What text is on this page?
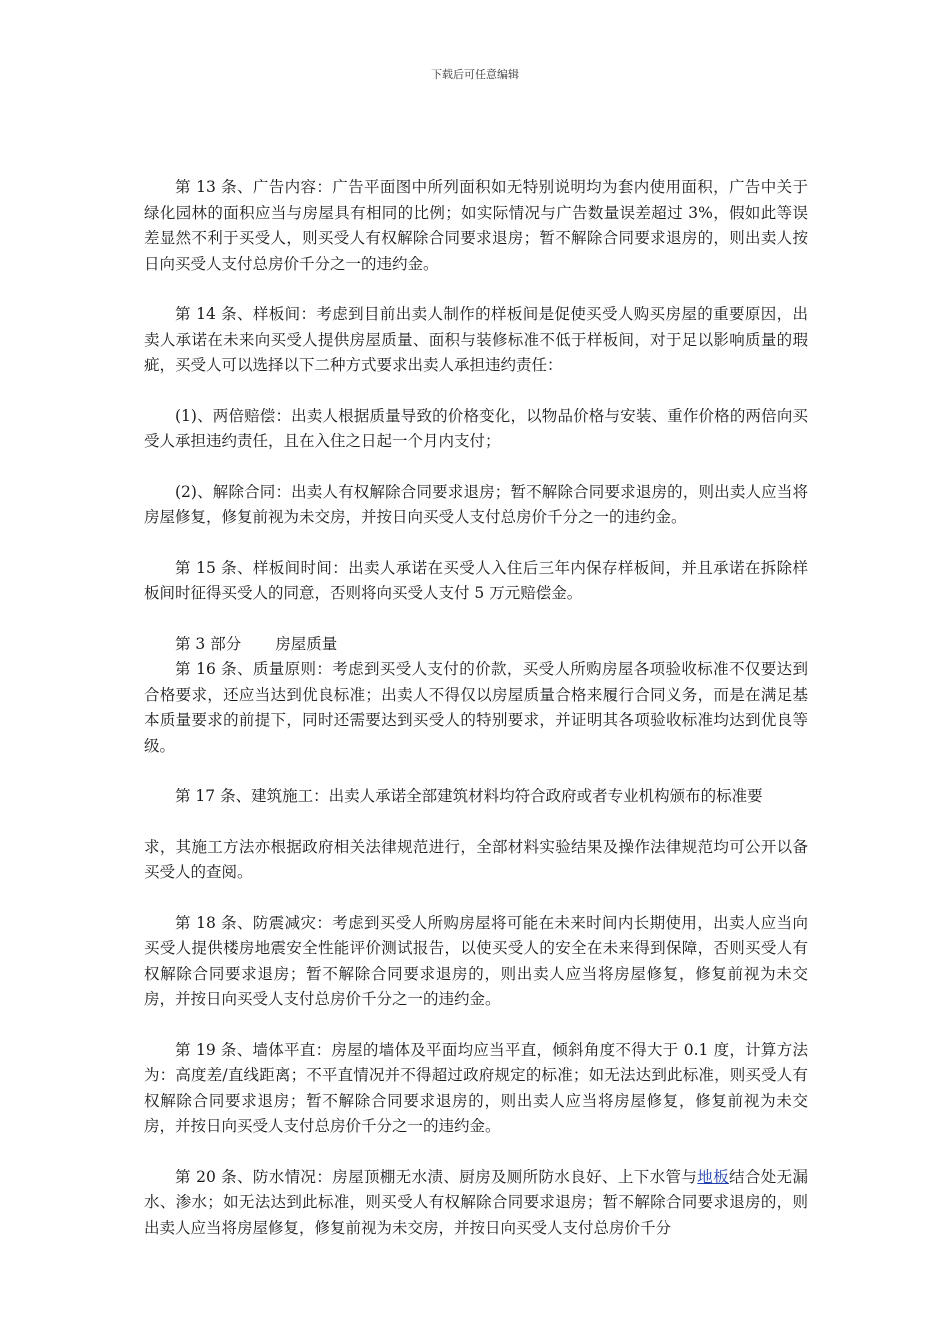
下载后可任意编辑

第 13 条、广告内容：广告平面图中所列面积如无特别说明均为套内使用面积，广告中关于绿化园林的面积应当与房屋具有相同的比例；如实际情况与广告数量误差超过 3%，假如此等误差显然不利于买受人，则买受人有权解除合同要求退房；暂不解除合同要求退房的，则出卖人按日向买受人支付总房价千分之一的违约金。

第 14 条、样板间：考虑到目前出卖人制作的样板间是促使买受人购买房屋的重要原因，出卖人承诺在未来向买受人提供房屋质量、面积与装修标准不低于样板间，对于足以影响质量的瑕疵，买受人可以选择以下二种方式要求出卖人承担违约责任：

(1)、两倍赔偿：出卖人根据质量导致的价格变化，以物品价格与安装、重作价格的两倍向买受人承担违约责任，且在入住之日起一个月内支付；

(2)、解除合同：出卖人有权解除合同要求退房；暂不解除合同要求退房的，则出卖人应当将房屋修复，修复前视为未交房，并按日向买受人支付总房价千分之一的违约金。

第 15 条、样板间时间：出卖人承诺在买受人入住后三年内保存样板间，并且承诺在拆除样板间时征得买受人的同意，否则将向买受人支付 5 万元赔偿金。

第 3 部分 房屋质量

第 16 条、质量原则：考虑到买受人支付的价款，买受人所购房屋各项验收标准不仅要达到合格要求，还应当达到优良标准；出卖人不得仅以房屋质量合格来履行合同义务，而是在满足基本质量要求的前提下，同时还需要达到买受人的特别要求，并证明其各项验收标准均达到优良等级。

第 17 条、建筑施工：出卖人承诺全部建筑材料均符合政府或者专业机构颁布的标准要

求，其施工方法亦根据政府相关法律规范进行，全部材料实验结果及操作法律规范均可公开以备买受人的查阅。

第 18 条、防震减灾：考虑到买受人所购房屋将可能在未来时间内长期使用，出卖人应当向买受人提供楼房地震安全性能评价测试报告，以使买受人的安全在未来得到保障，否则买受人有权解除合同要求退房；暂不解除合同要求退房的，则出卖人应当将房屋修复，修复前视为未交房，并按日向买受人支付总房价千分之一的违约金。

第 19 条、墙体平直：房屋的墙体及平面均应当平直，倾斜角度不得大于 0.1 度，计算方法为：高度差/直线距离；不平直情况并不得超过政府规定的标准；如无法达到此标准，则买受人有权解除合同要求退房；暂不解除合同要求退房的，则出卖人应当将房屋修复，修复前视为未交房，并按日向买受人支付总房价千分之一的违约金。

第 20 条、防水情况：房屋顶棚无水渍、厨房及厕所防水良好、上下水管与地板结合处无漏水、渗水；如无法达到此标准，则买受人有权解除合同要求退房；暂不解除合同要求退房的，则出卖人应当将房屋修复，修复前视为未交房，并按日向买受人支付总房价千分
